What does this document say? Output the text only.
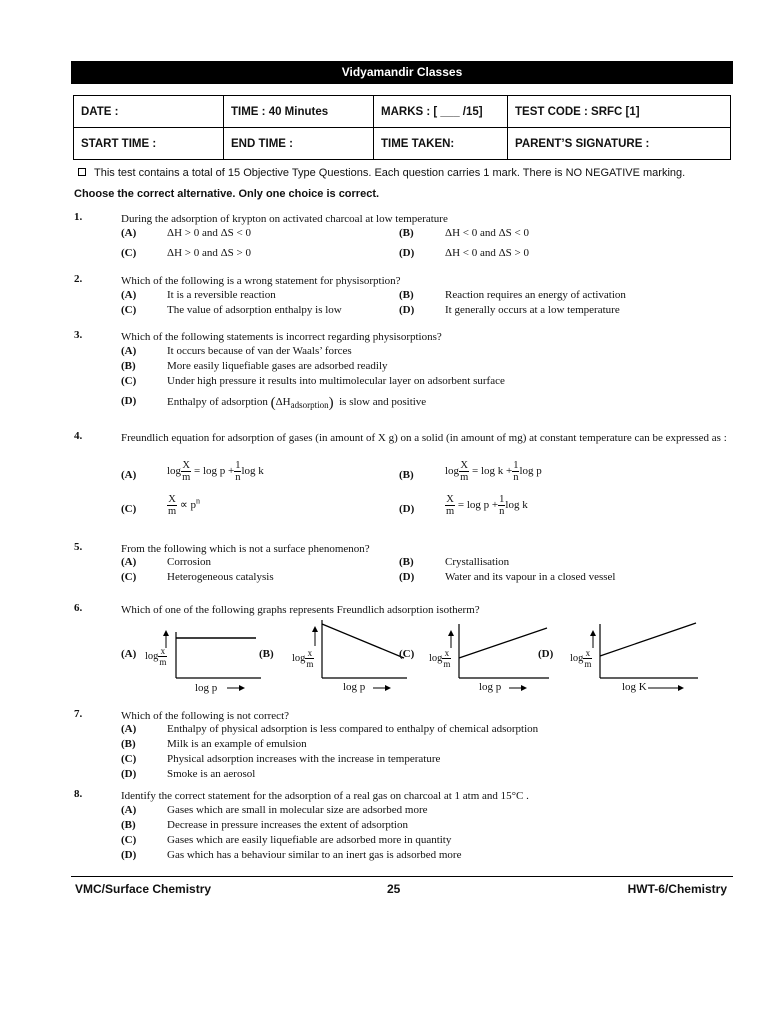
Vidyamandir Classes
DATE :	TIME : 40 Minutes	MARKS : [ ___ /15]	TEST CODE : SRFC [1]
START TIME :	END TIME :	TIME TAKEN:	PARENT’S SIGNATURE :
This test contains a total of 15 Objective Type Questions. Each question carries 1 mark. There is NO NEGATIVE marking.
Choose the correct alternative. Only one choice is correct.
1.	During the adsorption of krypton on activated charcoal at low temperature
(A)	ΔH > 0 and ΔS < 0	(B)	ΔH < 0 and ΔS < 0
(C)	ΔH > 0 and ΔS > 0	(D)	ΔH < 0 and ΔS > 0
2.	Which of the following is a wrong statement for physisorption?
(A)	It is a reversible reaction	(B)	Reaction requires an energy of activation
(C)	The value of adsorption enthalpy is low	(D)	It generally occurs at a low temperature
3.	Which of the following statements is incorrect regarding physisorptions?
(A)	It occurs because of van der Waals’ forces
(B)	More easily liquefiable gases are adsorbed readily
(C)	Under high pressure it results into multimolecular layer on adsorbent surface
(D)	Enthalpy of adsorption $(\Delta H_{adsorption})$ is slow and positive
4.	Freundlich equation for adsorption of gases (in amount of X g) on a solid (in amount of mg) at constant temperature can be expressed as :
(A)	$\log \frac{X}{m} = \log p + \frac{1}{n}$ log k	(B)	$\log \frac{X}{m} = \log k + \frac{1}{n}$ log p
(C)	$\frac{X}{m} \propto p^n$
(D)	$\frac{X}{m} = \log p + \frac{1}{n}$ log k
5.	From the following which is not a surface phenomenon?
(A)	Corrosion	(B)	Crystallisation
(C)	Heterogeneous catalysis	(D)	Water and its vapour in a closed vessel
6.	Which of one of the following graphs represents Freundlich adsorption isotherm?
(A) $\log \frac{x}{m}$
log p
(B) $\log \frac{x}{m}$
log p
(C) $\log \frac{x}{m}$
log p
(D) $\log \frac{x}{m}$
log K
7.	Which of the following is not correct?
(A)	Enthalpy of physical adsorption is less compared to enthalpy of chemical adsorption
(B)	Milk is an example of emulsion
(C)	Physical adsorption increases with the increase in temperature
(D)	Smoke is an aerosol
8.	Identify the correct statement for the adsorption of a real gas on charcoal at 1 atm and 15°C .
(A)	Gases which are small in molecular size are adsorbed more
(B)	Decrease in pressure increases the extent of adsorption
(C)	Gases which are easily liquefiable are adsorbed more in quantity
(D)	Gas which has a behaviour similar to an inert gas is adsorbed more
VMC/Surface Chemistry	25	HWT-6/Chemistry
